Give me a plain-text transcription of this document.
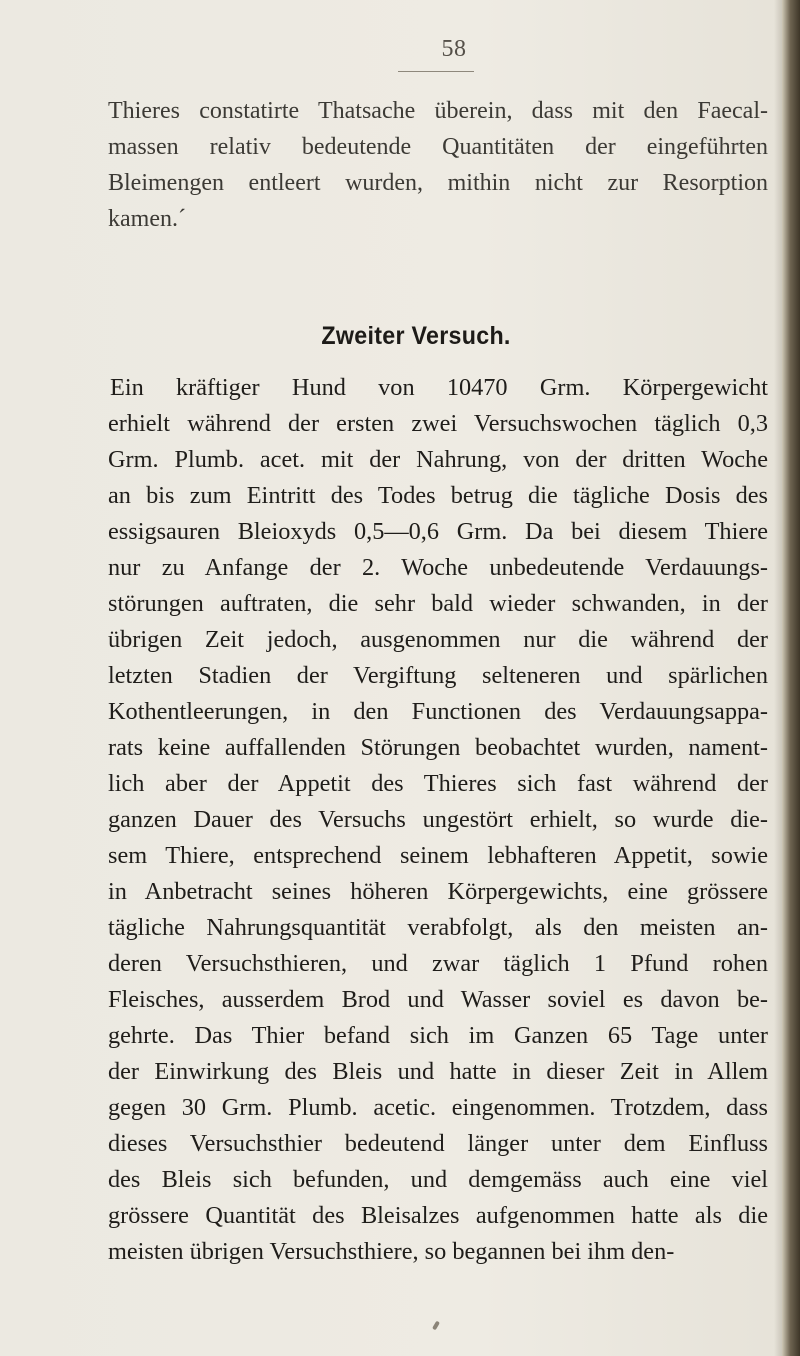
58
Thieres constatirte Thatsache überein, dass mit den Faecal-
massen relativ bedeutende Quantitäten der eingeführten
Bleimengen entleert wurden, mithin nicht zur Resorption
kamen.´
Zweiter Versuch.
Ein kräftiger Hund von 10470 Grm. Körpergewicht
erhielt während der ersten zwei Versuchswochen täglich 0,3
Grm. Plumb. acet. mit der Nahrung, von der dritten Woche
an bis zum Eintritt des Todes betrug die tägliche Dosis des
essigsauren Bleioxyds 0,5—0,6 Grm. Da bei diesem Thiere
nur zu Anfange der 2. Woche unbedeutende Verdauungs-
störungen auftraten, die sehr bald wieder schwanden, in der
übrigen Zeit jedoch, ausgenommen nur die während der
letzten Stadien der Vergiftung selteneren und spärlichen
Kothentleerungen, in den Functionen des Verdauungsappa-
rats keine auffallenden Störungen beobachtet wurden, nament-
lich aber der Appetit des Thieres sich fast während der
ganzen Dauer des Versuchs ungestört erhielt, so wurde die-
sem Thiere, entsprechend seinem lebhafteren Appetit, sowie
in Anbetracht seines höheren Körpergewichts, eine grössere
tägliche Nahrungsquantität verabfolgt, als den meisten an-
deren Versuchsthieren, und zwar täglich 1 Pfund rohen
Fleisches, ausserdem Brod und Wasser soviel es davon be-
gehrte. Das Thier befand sich im Ganzen 65 Tage unter
der Einwirkung des Bleis und hatte in dieser Zeit in Allem
gegen 30 Grm. Plumb. acetic. eingenommen. Trotzdem, dass
dieses Versuchsthier bedeutend länger unter dem Einfluss
des Bleis sich befunden, und demgemäss auch eine viel
grössere Quantität des Bleisalzes aufgenommen hatte als die
meisten übrigen Versuchsthiere, so begannen bei ihm den-
